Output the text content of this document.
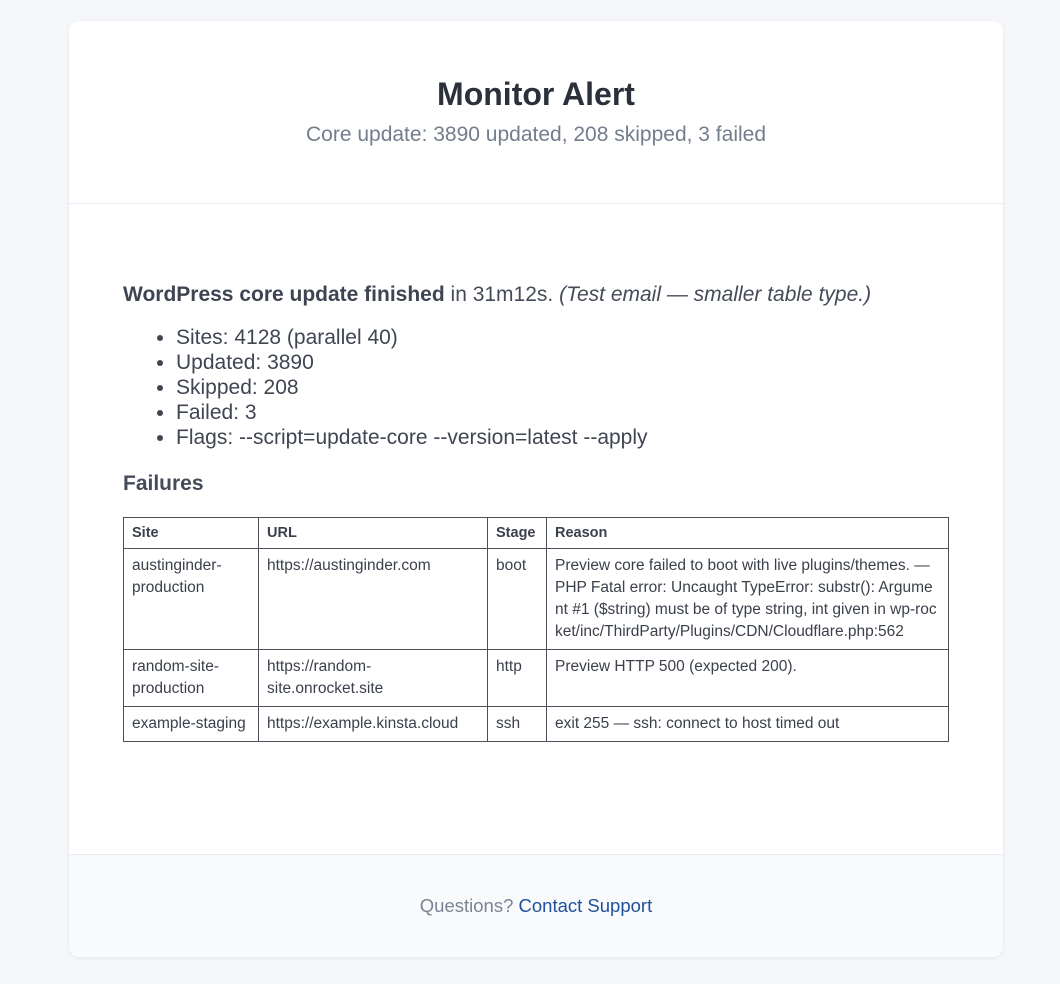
Monitor Alert
Core update: 3890 updated, 208 skipped, 3 failed

WordPress core update finished in 31m12s. (Test email — smaller table type.)

• Sites: 4128 (parallel 40)
• Updated: 3890
• Skipped: 208
• Failed: 3
• Flags: --script=update-core --version=latest --apply
Failures
Site	URL	Stage	Reason
austinginder-production	https://austinginder.com	boot	Preview core failed to boot with live plugins/themes. — PHP Fatal error: Uncaught TypeError: substr(): Argument #1 ($string) must be of type string, int given in wp-rocket/inc/ThirdParty/Plugins/CDN/Cloudflare.php:562
random-site-production	https://random-site.onrocket.site	http	Preview HTTP 500 (expected 200).
example-staging	https://example.kinsta.cloud	ssh	exit 255 — ssh: connect to host timed out
Questions? Contact Support
